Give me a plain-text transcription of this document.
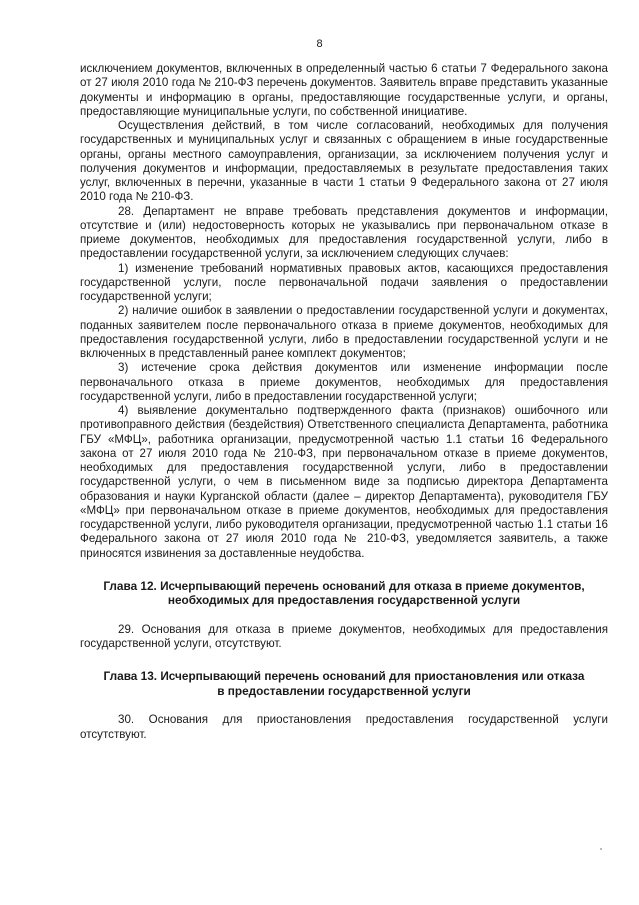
8

исключением документов, включенных в определенный частью 6 статьи 7 Федерального закона от 27 июля 2010 года № 210-ФЗ перечень документов. Заявитель вправе представить указанные документы и информацию в органы, предоставляющие государственные услуги, и органы, предоставляющие муниципальные услуги, по собственной инициативе.

Осуществления действий, в том числе согласований, необходимых для получения государственных и муниципальных услуг и связанных с обращением в иные государственные органы, органы местного самоуправления, организации, за исключением получения услуг и получения документов и информации, предоставляемых в результате предоставления таких услуг, включенных в перечни, указанные в части 1 статьи 9 Федерального закона от 27 июля 2010 года № 210-ФЗ.

28. Департамент не вправе требовать представления документов и информации, отсутствие и (или) недостоверность которых не указывались при первоначальном отказе в приеме документов, необходимых для предоставления государственной услуги, либо в предоставлении государственной услуги, за исключением следующих случаев:

1) изменение требований нормативных правовых актов, касающихся предоставления государственной услуги, после первоначальной подачи заявления о предоставлении государственной услуги;

2) наличие ошибок в заявлении о предоставлении государственной услуги и документах, поданных заявителем после первоначального отказа в приеме документов, необходимых для предоставления государственной услуги, либо в предоставлении государственной услуги и не включенных в представленный ранее комплект документов;

3) истечение срока действия документов или изменение информации после первоначального отказа в приеме документов, необходимых для предоставления государственной услуги, либо в предоставлении государственной услуги;

4) выявление документально подтвержденного факта (признаков) ошибочного или противоправного действия (бездействия) Ответственного специалиста Департамента, работника ГБУ «МФЦ», работника организации, предусмотренной частью 1.1 статьи 16 Федерального закона от 27 июля 2010 года № 210-ФЗ, при первоначальном отказе в приеме документов, необходимых для предоставления государственной услуги, либо в предоставлении государственной услуги, о чем в письменном виде за подписью директора Департамента образования и науки Курганской области (далее – директор Департамента), руководителя ГБУ «МФЦ» при первоначальном отказе в приеме документов, необходимых для предоставления государственной услуги, либо руководителя организации, предусмотренной частью 1.1 статьи 16 Федерального закона от 27 июля 2010 года № 210-ФЗ, уведомляется заявитель, а также приносятся извинения за доставленные неудобства.

Глава 12. Исчерпывающий перечень оснований для отказа в приеме документов,
необходимых для предоставления государственной услуги

29. Основания для отказа в приеме документов, необходимых для предоставления государственной услуги, отсутствуют.

Глава 13. Исчерпывающий перечень оснований для приостановления или отказа
в предоставлении государственной услуги

30. Основания для приостановления предоставления государственной услуги отсутствуют.
